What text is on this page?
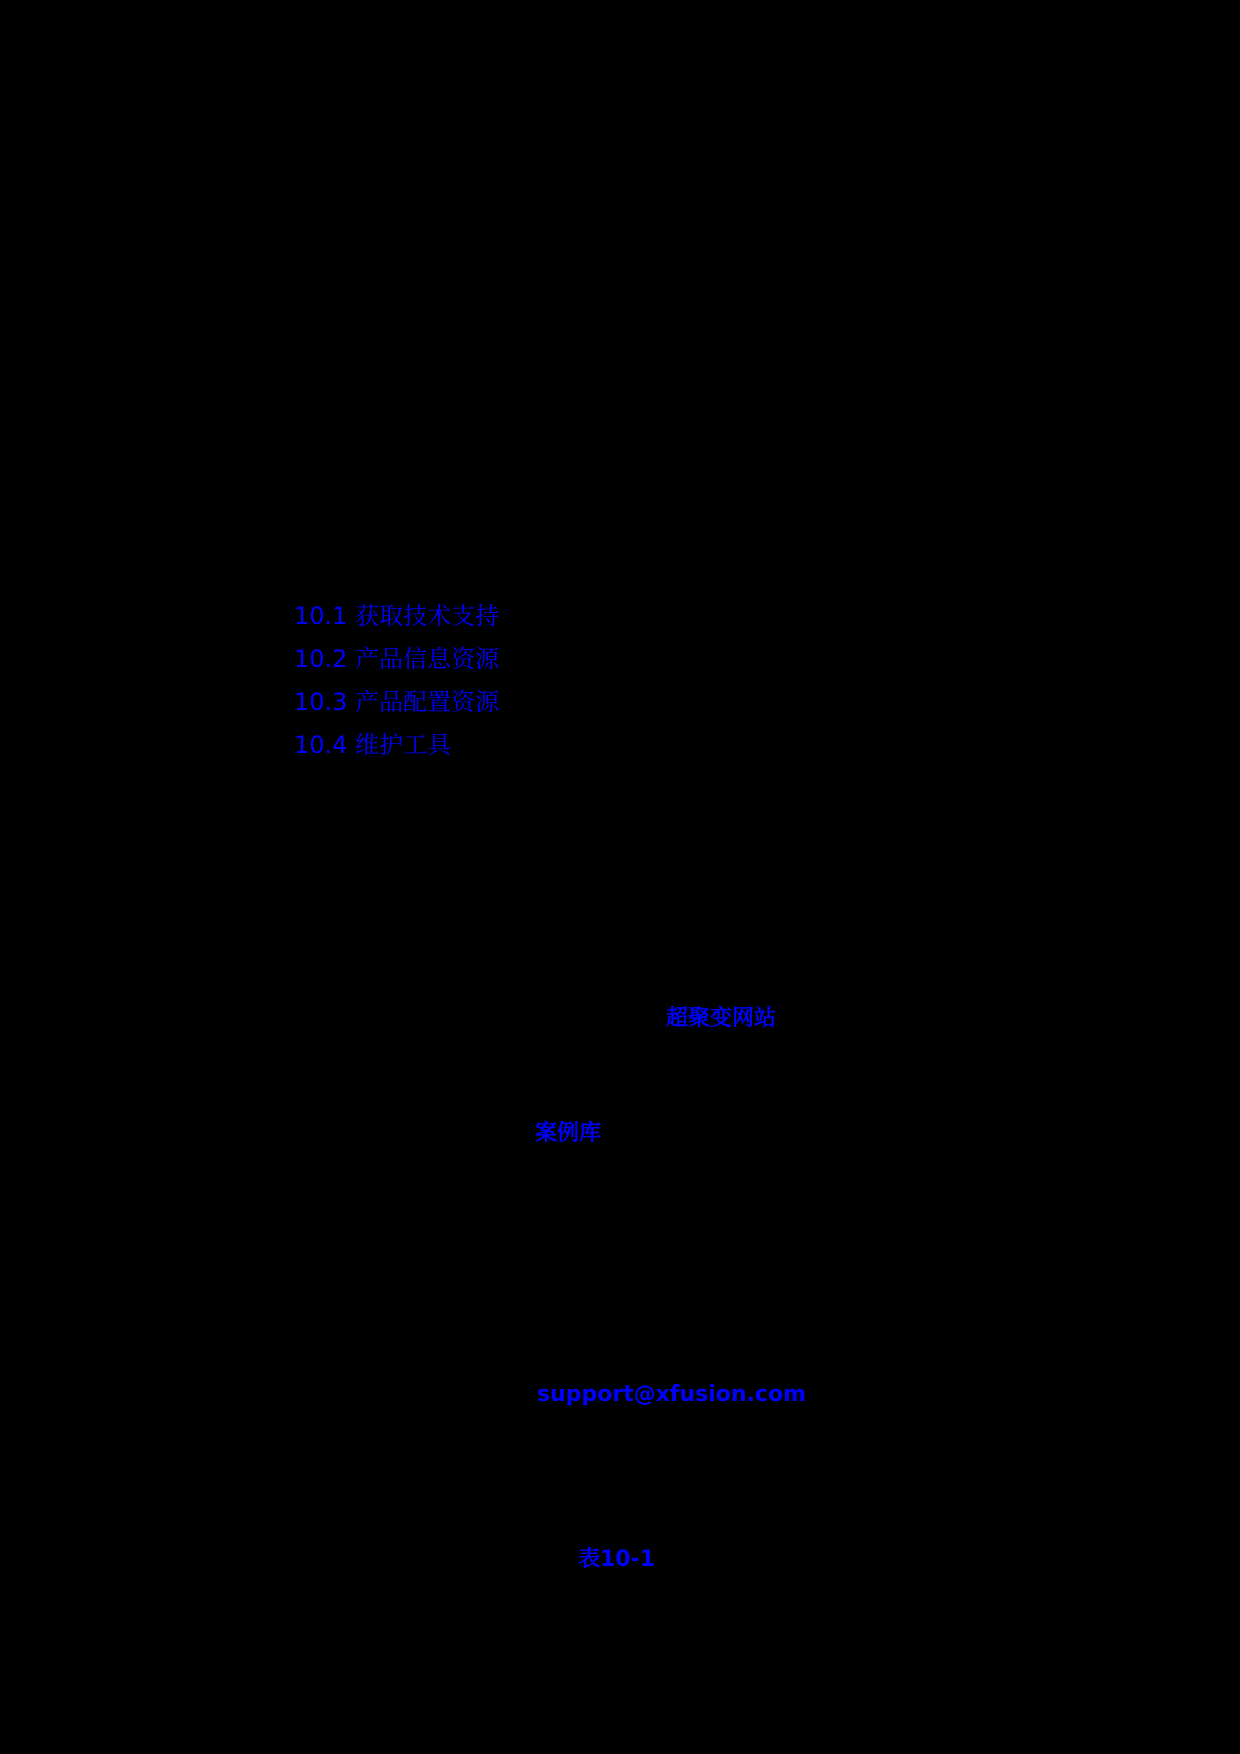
10.1 获取技术支持
10.2 产品信息资源
10.3 产品配置资源
10.4 维护工具
超聚变网站
案例库
support@xfusion.com
表10-1
